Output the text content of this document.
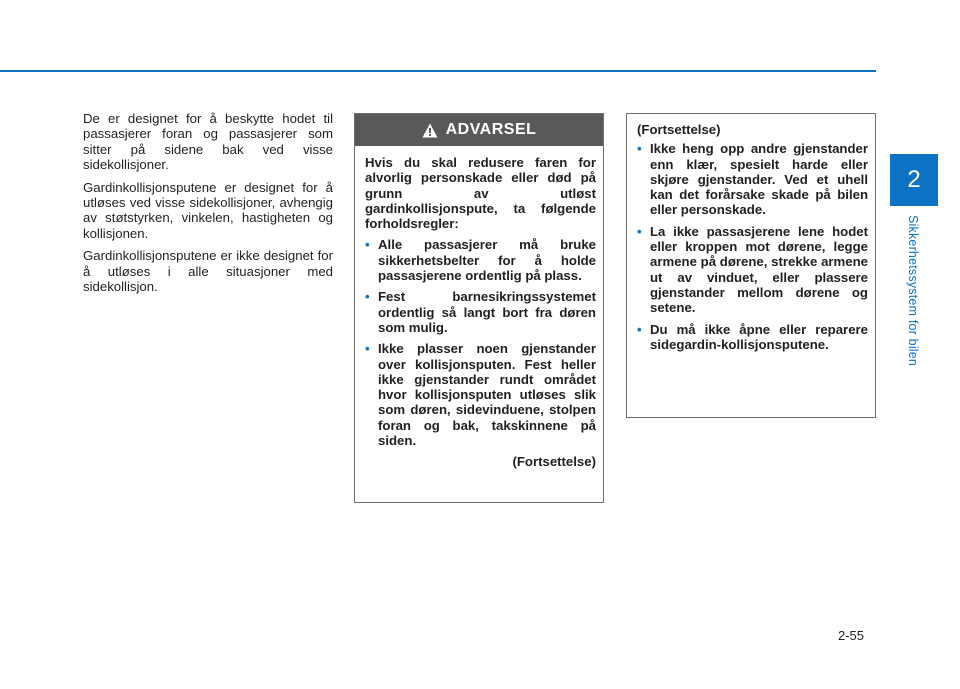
2
Sikkerhetssystem for bilen

De er designet for å beskytte hodet til passasjerer foran og passasjerer som sitter på sidene bak ved visse sidekollisjoner.

Gardinkollisjonsputene er designet for å utløses ved visse sidekollisjoner, avhengig av støtstyrken, vinkelen, hastigheten og kollisjonen.

Gardinkollisjonsputene er ikke designet for å utløses i alle situasjoner med sidekollisjon.

ADVARSEL

Hvis du skal redusere faren for alvorlig personskade eller død på grunn av utløst gardinkollisjonspute, ta følgende forholdsregler:

• Alle passasjerer må bruke sikkerhetsbelter for å holde passasjerene ordentlig på plass.
• Fest barnesikringssystemet ordentlig så langt bort fra døren som mulig.
• Ikke plasser noen gjenstander over kollisjonsputen. Fest heller ikke gjenstander rundt området hvor kollisjonsputen utløses slik som døren, sidevinduene, stolpen foran og bak, takskinnene på siden.
(Fortsettelse)

(Fortsettelse)

• Ikke heng opp andre gjenstander enn klær, spesielt harde eller skjøre gjenstander. Ved et uhell kan det forårsake skade på bilen eller personskade.
• La ikke passasjerene lene hodet eller kroppen mot dørene, legge armene på dørene, strekke armene ut av vinduet, eller plassere gjenstander mellom dørene og setene.
• Du må ikke åpne eller reparere sidegardin-kollisjonsputene.
2-55
